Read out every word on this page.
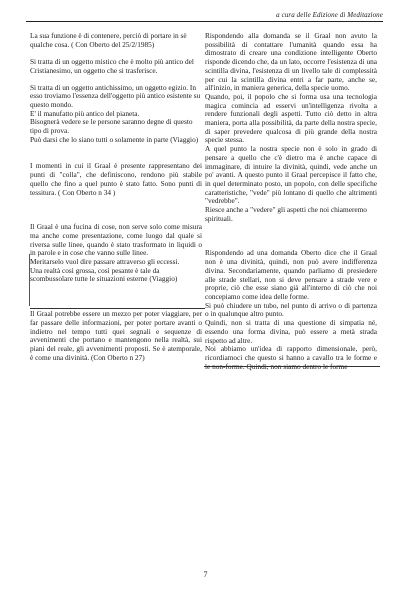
a cura delle Edizione di Meditazione

La sua funzione è di contenere, perciò di portare in sè qualche cosa. ( Con Oberto del 25/2/1985)

Si tratta di un oggetto mistico che è molto più antico del Cristianesimo, un oggetto che si trasferisce.

Si tratta di un oggetto antichissimo, un oggetto egizio. In esso troviamo l'essenza dell'oggetto più antico esistente su questo mondo.

E' il manufatto più antico del pianeta.

Bisognerà vedere se le persone saranno degne di questo tipo di prova.

Può darsi che lo siano tutti o solamente in parte (Viaggio)

I momenti in cui il Graal è presente rappresentano dei punti di "colla", che definiscono, rendono più stabile quello che fino a quel punto è stato fatto. Sono punti di tessitura. ( Con Oberto n 34 )

Il Graal è una fucina di cose, non serve solo come misura ma anche come presentazione, come luogo dal quale si riversa sulle linee, quando è stato trasformato in liquidi o in parole e in cose che vanno sulle linee.

Meritarselo vuol dire passare attraverso gli eccessi.

Una realtà così grossa, così pesante è tale da scombussolare tutte le situazioni esterne (Viaggio)

Il Graal potrebbe essere un mezzo per poter viaggiare, per far passare delle informazioni, per poter portare avanti o indietro nel tempo tutti quei segnali e sequenze di avvenimenti che portano e mantengono nella realtà, sui piani del reale, gli avvenimenti proposti. Se è atemporale, è come una divinità. (Con Oberto n 27)

Rispondendo alla domanda se il Graal non avuto la possibilità di contattare l'umanità quando essa ha dimostrato di creare una condizione intelligente Oberto risponde dicendo che, da un lato, occorre l'esistenza di una scintilla divina, l'esistenza di un livello tale di complessità per cui la scintilla divina entri a far parte, anche se, all'inizio, in maniera generica, della specie uomo.

Quando, poi, il popolo che si forma usa una tecnologia magica comincia ad esservi un'intelligenza rivolta a rendere funzionali degli aspetti. Tutto ciò detto in altra maniera, porta alla possibilità, da parte della nostra specie, di saper prevedere qualcosa di più grande della nostra specie stessa.

A quel punto la nostra specie non è solo in grado di pensare a quello che c'è dietro ma è anche capace di immaginare, di intuire la divinità, quindi, vede anche un po' avanti. A questo punto il Graal percepisce il fatto che, in quel determinato posto, un popolo, con delle specifiche caratteristiche, "vede" più lontano di quello che altrimenti "vedrebbe".

Riesce anche a "vedere" gli aspetti che noi chiameremo spirituali.

Rispondendo ad una domanda Oberto dice che il Graal non è una divinità, quindi, non può avere indifferenza divina. Secondariamente, quando parliamo di presiedere alle strade stellari, non si deve pensare a strade vere e proprie, ciò che esse siano già all'interno di ciò che noi concepiamo come idea delle forme.

Si può chiudere un tubo, nel punto di arrivo o di partenza o in qualunque altro punto.

Quindi, non si tratta di una questione di simpatia né, essendo una forma divina, può essere a metà strada rispetto ad altre.

Noi abbiamo un'idea di rapporto dimensionale, però, ricordiamoci che questo si hanno a cavallo tra le forme e le non-forme. Quindi, non siamo dentro le forme

7
